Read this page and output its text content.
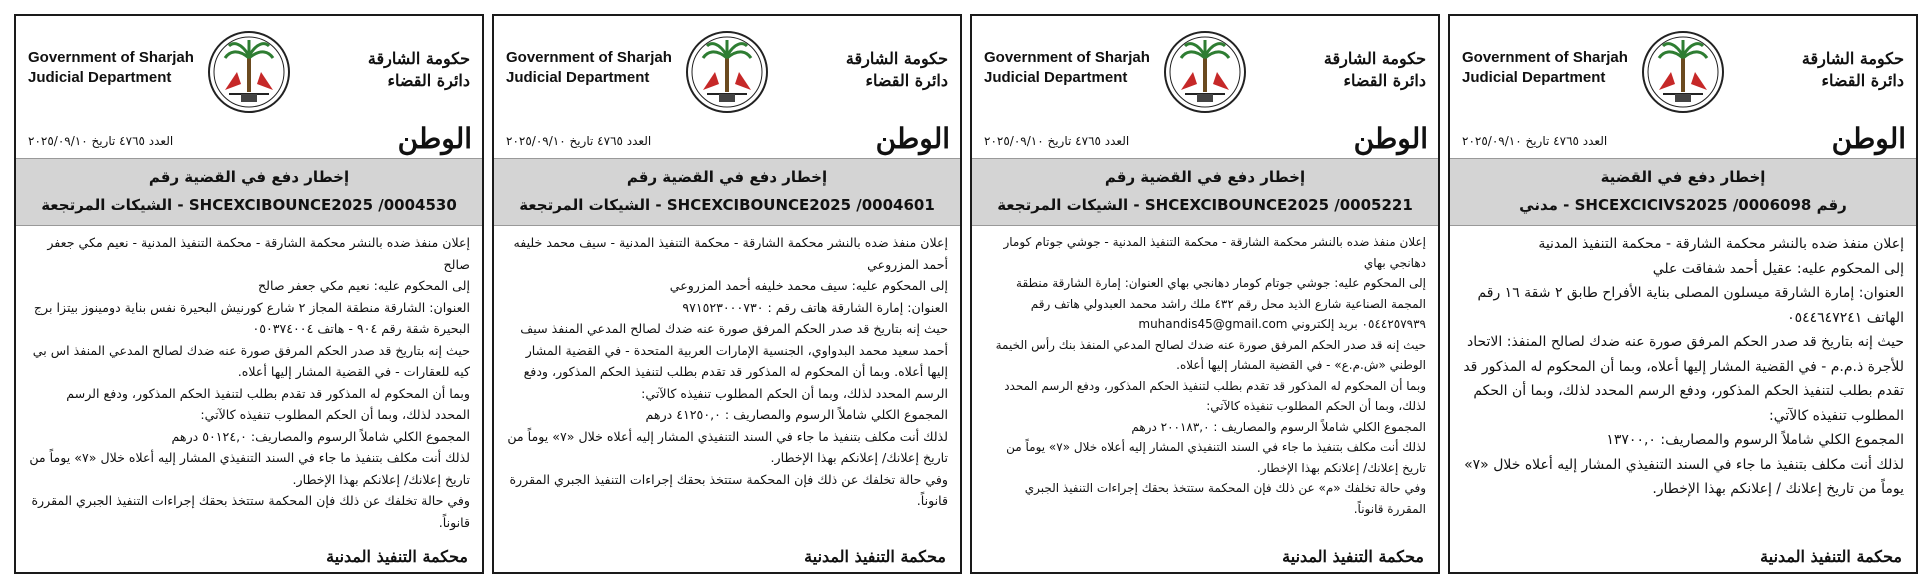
Government of Sharjah
Judicial Department
حكومة الشارقة
دائرة القضاء
العدد ٤٧٦٥ تاريخ ٢٠٢٥/٠٩/١٠	الوطن
إخطار دفع في القضية رقم
SHCEXCIBOUNCE2025 /0004530 - الشيكات المرتجعة

إعلان منفذ ضده بالنشر محكمة الشارقة - محكمة التنفيذ المدنية - نعيم مكي جعفر صالح

إلى المحكوم عليه: نعيم مكي جعفر صالح

العنوان: الشارقة منطقة المجاز ٢ شارع كورنيش البحيرة نفس بناية دومينوز بيتزا برج البحيرة شقة رقم ٩٠٤ - هاتف ٠٥٠٣٧٤٠٠٤

حيث إنه بتاريخ قد صدر الحكم المرفق صورة عنه ضدك لصالح المدعي المنفذ اس بي كيه للعقارات - في القضية المشار إليها أعلاه.

وبما أن المحكوم له المذكور قد تقدم بطلب لتنفيذ الحكم المذكور، ودفع الرسم المحدد لذلك، وبما أن الحكم المطلوب تنفيذه كالآتي:

المجموع الكلي شاملاً الرسوم والمصاريف: ٥٠١٢٤,٠ درهم

لذلك أنت مكلف بتنفيذ ما جاء في السند التنفيذي المشار إليه أعلاه خلال «٧» يوماً من تاريخ إعلانك/ إعلانكم بهذا الإخطار.

وفي حالة تخلفك عن ذلك فإن المحكمة ستتخذ بحقك إجراءات التنفيذ الجبري المقررة قانوناً.

محكمة التنفيذ المدنية
Government of Sharjah
Judicial Department
حكومة الشارقة
دائرة القضاء
العدد ٤٧٦٥ تاريخ ٢٠٢٥/٠٩/١٠	الوطن
إخطار دفع في القضية رقم
SHCEXCIBOUNCE2025 /0004601 - الشيكات المرتجعة

إعلان منفذ ضده بالنشر محكمة الشارقة - محكمة التنفيذ المدنية - سيف محمد خليفه أحمد المزروعي

إلى المحكوم عليه: سيف محمد خليفه أحمد المزروعي

العنوان: إمارة الشارقة هاتف رقم : ٩٧١٥٢٣٠٠٠٧٣٠

حيث إنه بتاريخ قد صدر الحكم المرفق صورة عنه ضدك لصالح المدعي المنفذ سيف أحمد سعيد محمد البدواوي، الجنسية الإمارات العربية المتحدة - في القضية المشار إليها أعلاه. وبما أن المحكوم له المذكور قد تقدم بطلب لتنفيذ الحكم المذكور، ودفع الرسم المحدد لذلك، وبما أن الحكم المطلوب تنفيذه كالآتي:

المجموع الكلي شاملاً الرسوم والمصاريف : ٤١٢٥٠,٠ درهم

لذلك أنت مكلف بتنفيذ ما جاء في السند التنفيذي المشار إليه أعلاه خلال «٧» يوماً من تاريخ إعلانك/ إعلانكم بهذا الإخطار.

وفي حالة تخلفك عن ذلك فإن المحكمة ستتخذ بحقك إجراءات التنفيذ الجبري المقررة قانوناً.

محكمة التنفيذ المدنية
Government of Sharjah
Judicial Department
حكومة الشارقة
دائرة القضاء
العدد ٤٧٦٥ تاريخ ٢٠٢٥/٠٩/١٠	الوطن
إخطار دفع في القضية رقم
SHCEXCIBOUNCE2025 /0005221 - الشيكات المرتجعة

إعلان منفذ ضده بالنشر محكمة الشارقة - محكمة التنفيذ المدنية - جوشي جوتام كومار دهانجي بهاي

إلى المحكوم عليه: جوشي جوتام كومار دهانجي بهاي العنوان: إمارة الشارقة منطقة المجمة الصناعية شارع الذيد محل رقم ٤٣٢ ملك راشد محمد العبدولي هاتف رقم ٠٥٤٤٢٥٧٩٣٩ بريد إلكتروني muhandis45@gmail.com

حيث إنه قد صدر الحكم المرفق صورة عنه ضدك لصالح المدعي المنفذ بنك رأس الخيمة الوطني «ش.م.ع» - في القضية المشار إليها أعلاه.

وبما أن المحكوم له المذكور قد تقدم بطلب لتنفيذ الحكم المذكور، ودفع الرسم المحدد لذلك، وبما أن الحكم المطلوب تنفيذه كالآتي:

المجموع الكلي شاملاً الرسوم والمصاريف : ٢٠٠١٨٣,٠ درهم

لذلك أنت مكلف بتنفيذ ما جاء في السند التنفيذي المشار إليه أعلاه خلال «٧» يوماً من تاريخ إعلانك/ إعلانكم بهذا الإخطار.

وفي حالة تخلفك «م» عن ذلك فإن المحكمة ستتخذ بحقك إجراءات التنفيذ الجبري المقررة قانوناً.

محكمة التنفيذ المدنية
Government of Sharjah
Judicial Department
حكومة الشارقة
دائرة القضاء
العدد ٤٧٦٥ تاريخ ٢٠٢٥/٠٩/١٠	الوطن
إخطار دفع في القضية
رقم SHCEXCICIVS2025 /0006098 - مدني

إعلان منفذ ضده بالنشر محكمة الشارقة - محكمة التنفيذ المدنية

إلى المحكوم عليه: عقيل أحمد شفاقت علي

العنوان: إمارة الشارقة ميسلون المصلى بناية الأفراح طابق ٢ شقة ١٦ رقم الهاتف ٠٥٤٤٦٤٧٢٤١

حيث إنه بتاريخ قد صدر الحكم المرفق صورة عنه ضدك لصالح المنفذ: الاتحاد للأجرة ذ.م.م - في القضية المشار إليها أعلاه، وبما أن المحكوم له المذكور قد تقدم بطلب لتنفيذ الحكم المذكور، ودفع الرسم المحدد لذلك، وبما أن الحكم المطلوب تنفيذه كالآتي:

المجموع الكلي شاملاً الرسوم والمصاريف: ١٣٧٠٠,٠

لذلك أنت مكلف بتنفيذ ما جاء في السند التنفيذي المشار إليه أعلاه خلال «٧» يوماً من تاريخ إعلانك / إعلانكم بهذا الإخطار.

محكمة التنفيذ المدنية
